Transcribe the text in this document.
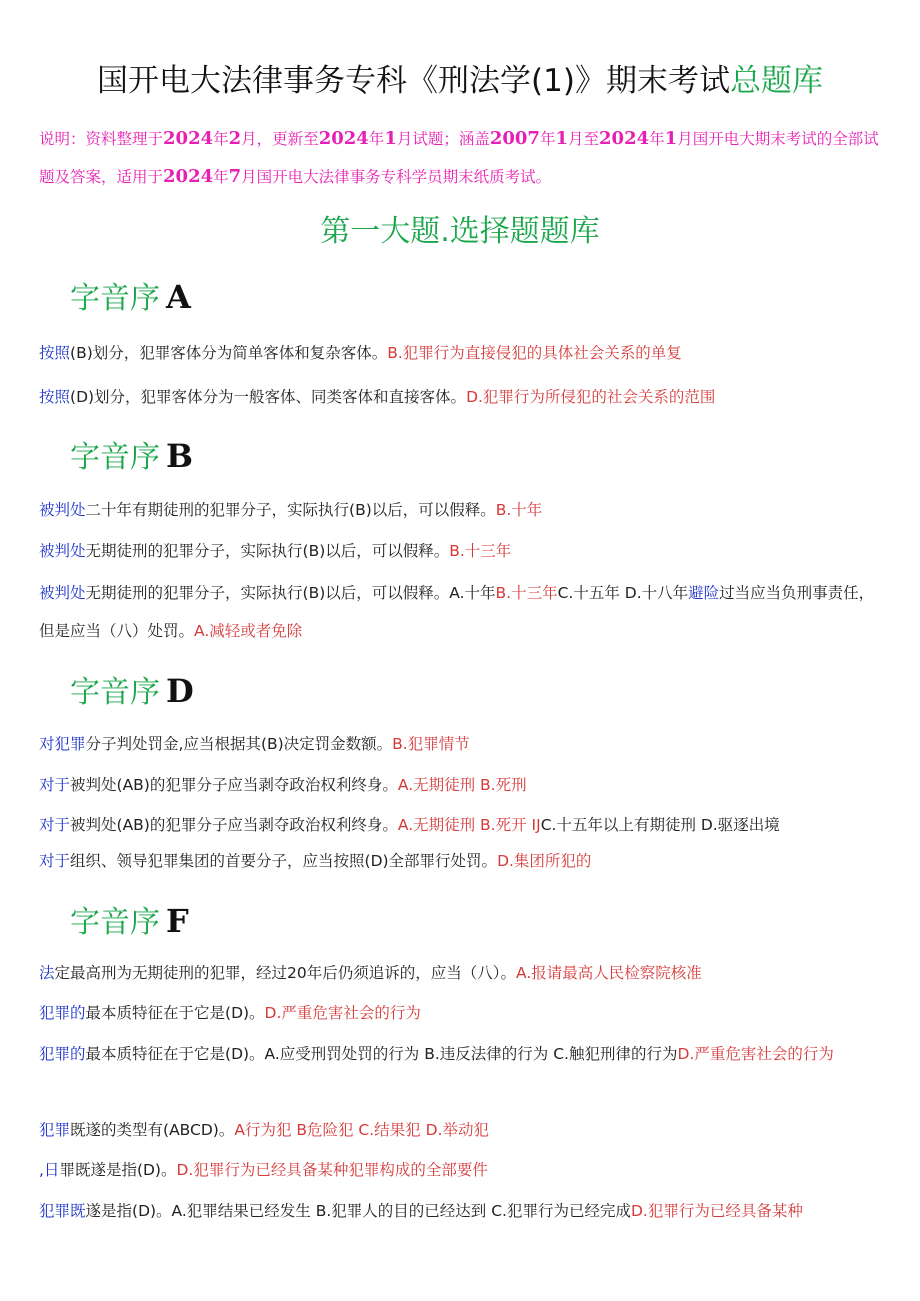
国开电大法律事务专科《刑法学(1)》期末考试总题库
说明：资料整理于2024年2月，更新至2024年1月试题；涵盖2007年1月至2024年1月国开电大期末考试的全部试题及答案，适用于2024年7月国开电大法律事务专科学员期末纸质考试。
第一大题.选择题题库
字音序 A
按照(B)划分，犯罪客体分为简单客体和复杂客体。B.犯罪行为直接侵犯的具体社会关系的单复
按照(D)划分，犯罪客体分为一般客体、同类客体和直接客体。D.犯罪行为所侵犯的社会关系的范围
字音序 B
被判处二十年有期徒刑的犯罪分子，实际执行(B)以后，可以假释。B.十年
被判处无期徒刑的犯罪分子，实际执行(B)以后，可以假释。B.十三年
被判处无期徒刑的犯罪分子，实际执行(B)以后，可以假释。A.十年B.十三年C.十五年 D.十八年避险过当应当负刑事责任，但是应当（八）处罚。A.减轻或者免除
字音序 D
对犯罪分子判处罚金,应当根据其(B)决定罚金数额。B.犯罪情节
对于被判处(AB)的犯罪分子应当剥夺政治权利终身。A.无期徒刑 B.死刑
对于被判处(AB)的犯罪分子应当剥夺政治权利终身。A.无期徒刑 B.死开 IJC.十五年以上有期徒刑 D.驱逐出境
对于组织、领导犯罪集团的首要分子，应当按照(D)全部罪行处罚。D.集团所犯的
字音序 F
法定最高刑为无期徒刑的犯罪，经过20年后仍须追诉的，应当（八）。A.报请最高人民检察院核准
犯罪的最本质特征在于它是(D)。D.严重危害社会的行为
犯罪的最本质特征在于它是(D)。A.应受刑罚处罚的行为 B.违反法律的行为 C.触犯刑律的行为D.严重危害社会的行为
犯罪既遂的类型有(ABCD)。A行为犯 B危险犯 C.结果犯 D.举动犯
,日罪既遂是指(D)。D.犯罪行为已经具备某种犯罪构成的全部要件
犯罪既遂是指(D)。A.犯罪结果已经发生 B.犯罪人的目的已经达到 C.犯罪行为已经完成D.犯罪行为已经具备某种
